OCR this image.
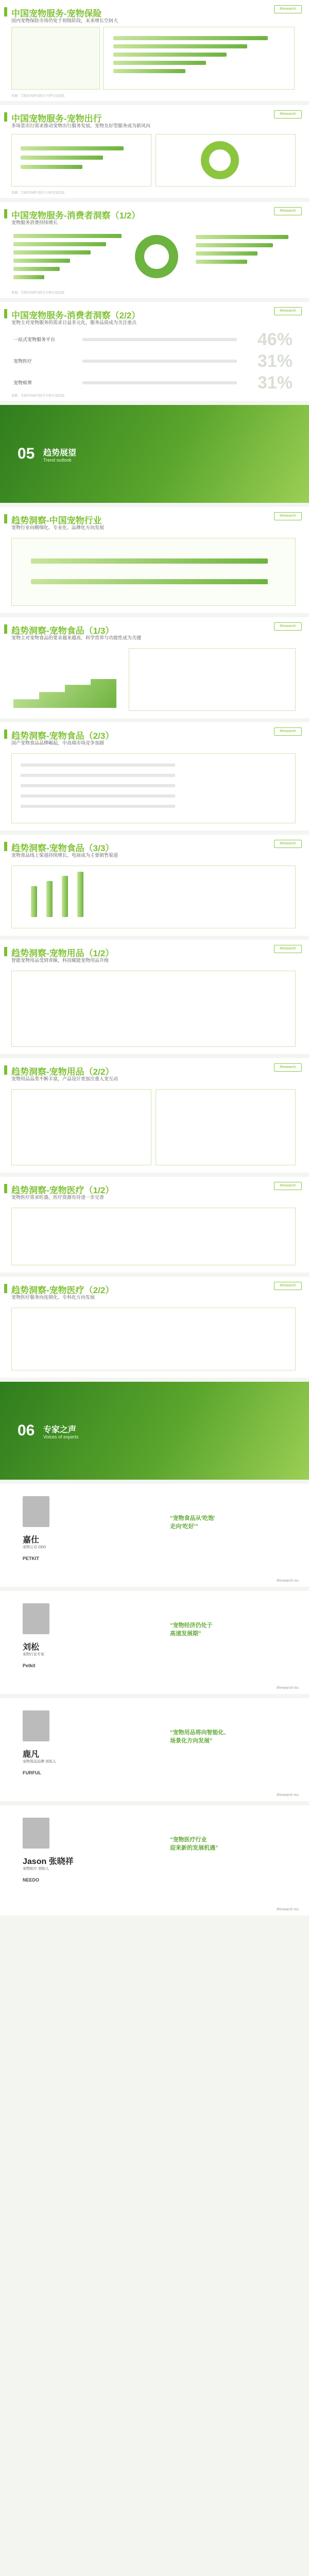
中国宠物服务-宠物保险
国内宠物保险市场仍处于初级阶段，未来增长空间大
iResearch
来源：艾瑞咨询研究院自主研究及绘制。
中国宠物服务-宠物出行
多场景出行需求推动宠物出行服务发展，宠物友好型服务成为新风向
iResearch
来源：艾瑞咨询研究院自主研究及绘制。
中国宠物服务-消费者洞察（1/2）
宠物服务消费持续增长
iResearch
来源：艾瑞咨询研究院自主研究及绘制。
中国宠物服务-消费者洞察（2/2）
宠物主对宠物服务的需求日益多元化，服务品质成为关注重点
iResearch
一站式宠物服务平台	46%
宠物医疗	31%
宠物殡葬	31%
来源：艾瑞咨询研究院自主研究及绘制。
05 趋势展望
Trend outlook
趋势洞察-中国宠物行业
宠物行业向精细化、专业化、品牌化方向发展
iResearch
趋势洞察-宠物食品（1/3）
宠物主对宠物食品的要求越来越高，科学营养与功能性成为关键
iResearch
趋势洞察-宠物食品（2/3）
国产宠物食品品牌崛起，中高端市场竞争加剧
iResearch
趋势洞察-宠物食品（3/3）
宠物食品线上渠道持续增长，电商成为主要销售渠道
iResearch
趋势洞察-宠物用品（1/2）
智能宠物用品受到青睐，科技赋能宠物用品升级
iResearch
趋势洞察-宠物用品（2/2）
宠物用品品类不断丰富，产品设计更加注重人宠互动
iResearch
趋势洞察-宠物医疗（1/2）
宠物医疗需求旺盛，医疗资源有待进一步完善
iResearch
趋势洞察-宠物医疗（2/2）
宠物医疗服务向连锁化、专科化方向发展
iResearch
06 专家之声
Voices of experts
嘉仕
宠物公司 CEO
PETKIT
“宠物食品从'吃饱'
走向'吃好'”
iResearch Inc.
刘松
宠物行业专家
Petkit
“宠物经济仍处于
高速发展期”
iResearch Inc.
鹿凡
宠物用品品牌 创始人
FURFUL
“宠物用品将向智能化、
场景化方向发展”
iResearch Inc.
Jason 张晓祥
宠物医疗 创始人
NEEDO
“宠物医疗行业
迎来新的发展机遇”
iResearch Inc.
